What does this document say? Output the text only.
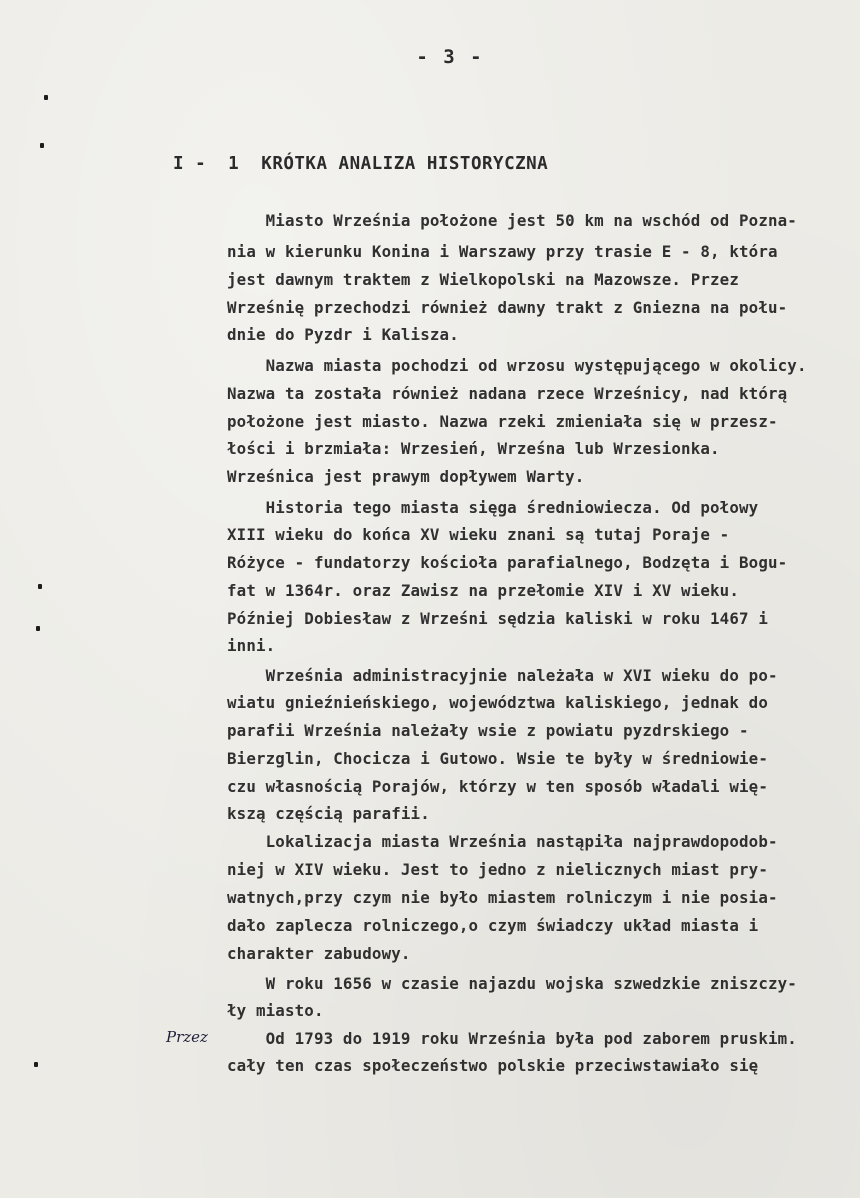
- 3 -
I -  1  KRÓTKA ANALIZA HISTORYCZNA
Miasto Września położone jest 50 km na wschód od Pozna-
nia w kierunku Konina i Warszawy przy trasie E - 8, która
jest dawnym traktem z Wielkopolski na Mazowsze. Przez
Wrześnię przechodzi również dawny trakt z Gniezna na połu-
dnie do Pyzdr i Kalisza.
Nazwa miasta pochodzi od wrzosu występującego w okolicy.
Nazwa ta została również nadana rzece Wrześnicy, nad którą
położone jest miasto. Nazwa rzeki zmieniała się w przesz-
łości i brzmiała: Wrzesień, Wrześna lub Wrzesionka.
Wrześnica jest prawym dopływem Warty.
Historia tego miasta sięga średniowiecza. Od połowy
XIII wieku do końca XV wieku znani są tutaj Poraje -
Różyce - fundatorzy kościoła parafialnego, Bodzęta i Bogu-
fat w 1364r. oraz Zawisz na przełomie XIV i XV wieku.
Później Dobiesław z Wrześni sędzia kaliski w roku 1467 i
inni.
Września administracyjnie należała w XVI wieku do po-
wiatu gnieźnieńskiego, województwa kaliskiego, jednak do
parafii Września należały wsie z powiatu pyzdrskiego -
Bierzglin, Chocicza i Gutowo. Wsie te były w średniowie-
czu własnością Porajów, którzy w ten sposób władali wię-
kszą częścią parafii.
Lokalizacja miasta Września nastąpiła najprawdopodob-
niej w XIV wieku. Jest to jedno z nielicznych miast pry-
watnych,przy czym nie było miastem rolniczym i nie posia-
dało zaplecza rolniczego,o czym świadczy układ miasta i
charakter zabudowy.
W roku 1656 w czasie najazdu wojska szwedzkie zniszczy-
ły miasto.
Od 1793 do 1919 roku Września była pod zaborem pruskim.
cały ten czas społeczeństwo polskie przeciwstawiało się
Przez
